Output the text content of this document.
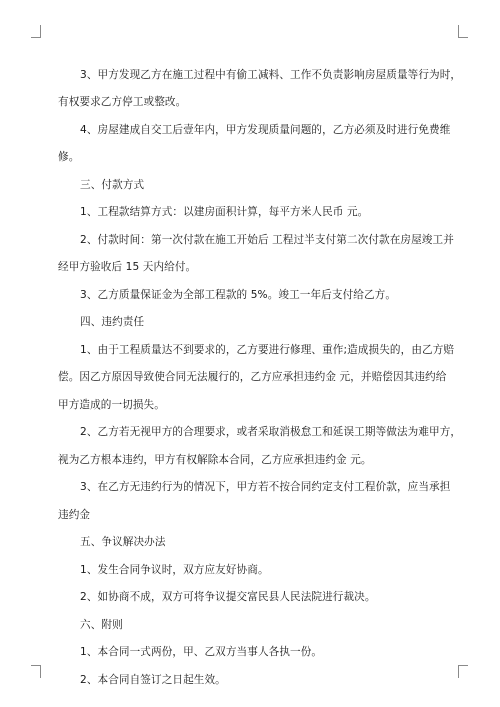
3、甲方发现乙方在施工过程中有偷工减料、工作不负责影响房屋质量等行为时，
有权要求乙方停工或整改。
4、房屋建成自交工后壹年内，甲方发现质量问题的，乙方必须及时进行免费维
修。
三、付款方式
1、工程款结算方式：以建房面积计算，每平方米人民币 元。
2、付款时间：第一次付款在施工开始后 工程过半支付第二次付款在房屋竣工并
经甲方验收后 15 天内给付。
3、乙方质量保证金为全部工程款的 5%。竣工一年后支付给乙方。
四、违约责任
1、由于工程质量达不到要求的，乙方要进行修理、重作;造成损失的，由乙方赔
偿。因乙方原因导致使合同无法履行的，乙方应承担违约金 元，并赔偿因其违约给
甲方造成的一切损失。
2、乙方若无视甲方的合理要求，或者采取消极怠工和延误工期等做法为难甲方，
视为乙方根本违约，甲方有权解除本合同，乙方应承担违约金 元。
3、在乙方无违约行为的情况下，甲方若不按合同约定支付工程价款，应当承担
违约金
五、争议解决办法
1、发生合同争议时，双方应友好协商。
2、如协商不成，双方可将争议提交富民县人民法院进行裁决。
六、附则
1、本合同一式两份，甲、乙双方当事人各执一份。
2、本合同自签订之日起生效。
